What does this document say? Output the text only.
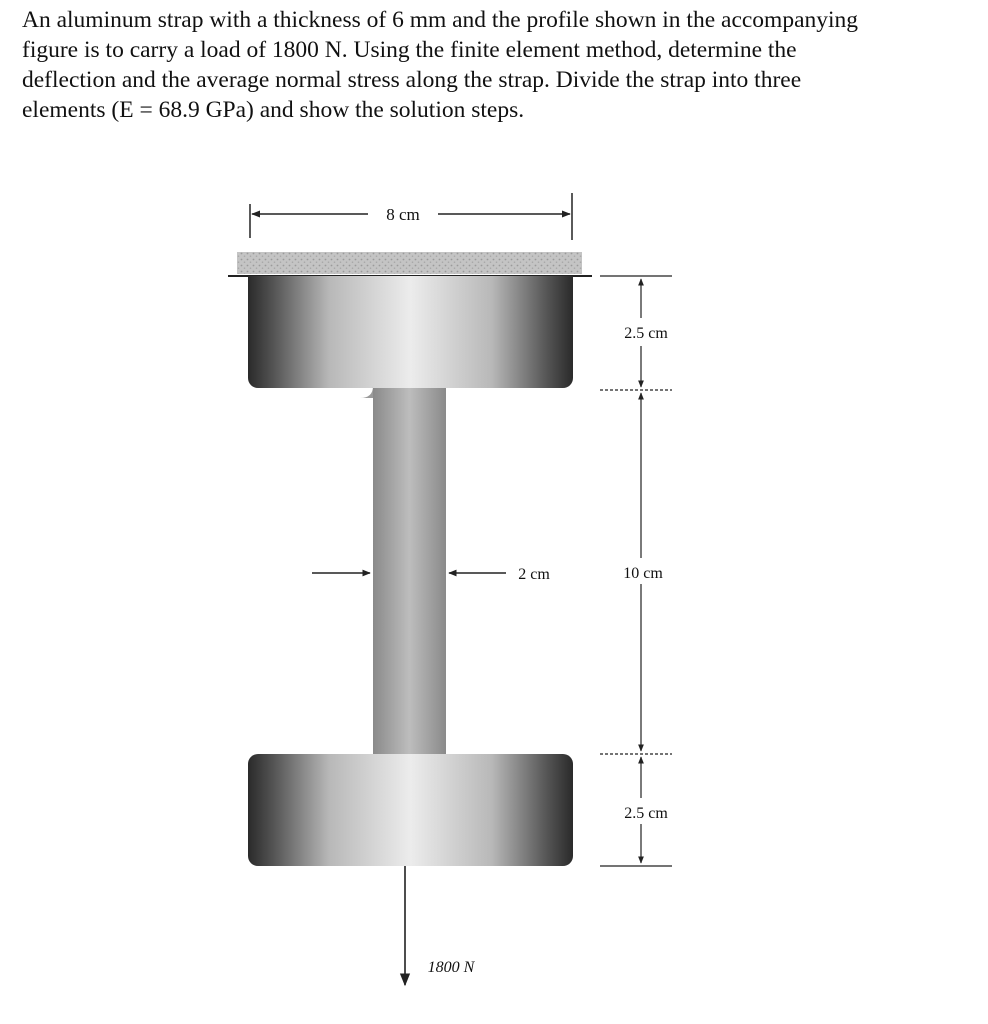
An aluminum strap with a thickness of 6 mm and the profile shown in the accompanying
figure is to carry a load of 1800 N. Using the finite element method, determine the
deflection and the average normal stress along the strap. Divide the strap into three
elements (E = 68.9 GPa) and show the solution steps.
8 cm
2.5 cm
10 cm
2.5 cm
2 cm
1800 N
